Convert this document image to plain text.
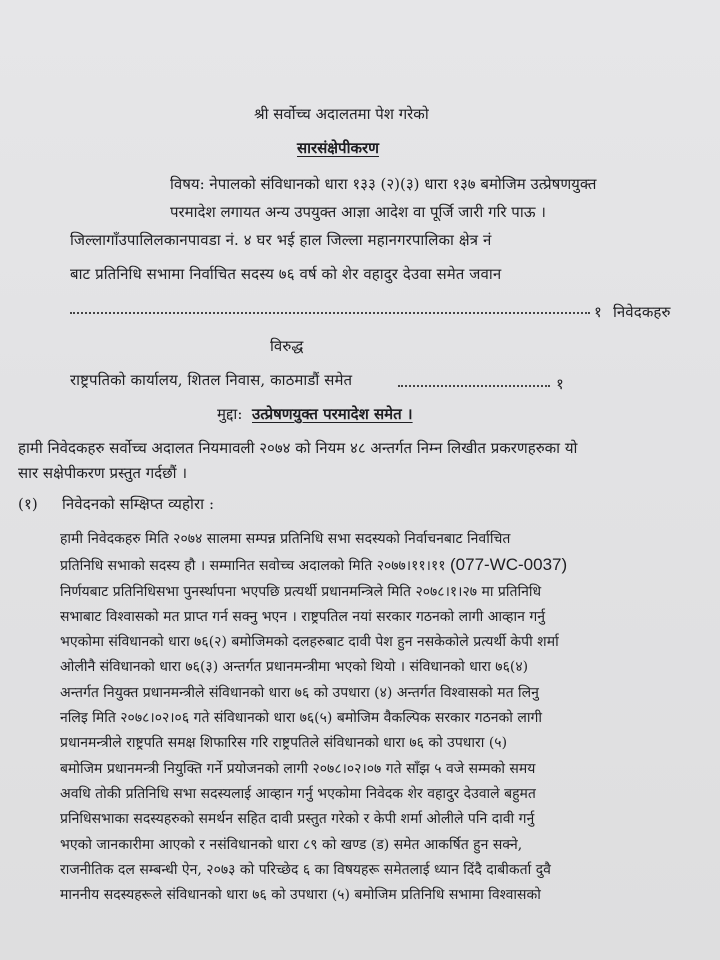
श्री सर्वोच्च अदालतमा पेश गरेको
सारसंक्षेपीकरण
विषय: नेपालको संविधानको धारा १३३ (२)(३) धारा १३७ बमोजिम उत्प्रेषणयुक्त
परमादेश लगायत अन्य उपयुक्त आज्ञा आदेश वा पूर्जि जारी गरि पाऊ ।
जिल्लागाँउपालिलकानपावडा नं. ४ घर भई हाल जिल्ला महानगरपालिका क्षेत्र नं
बाट प्रतिनिधि सभामा निर्वाचित सदस्य ७६ वर्ष को शेर वहादुर देउवा समेत जवान
१ निवेदकहरु
विरुद्ध
राष्ट्रपतिको कार्यालय, शितल निवास, काठमाडौं समेत	१
मुद्दा: उत्प्रेषणयुक्त परमादेश समेत ।
हामी निवेदकहरु सर्वोच्च अदालत नियमावली २०७४ को नियम ४८ अन्तर्गत निम्न लिखीत प्रकरणहरुका यो
सार सक्षेपीकरण प्रस्तुत गर्दछौं ।
(१) निवेदनको सम्क्षिप्त व्यहोरा :
हामी निवेदकहरु मिति २०७४ सालमा सम्पन्न प्रतिनिधि सभा सदस्यको निर्वाचनबाट निर्वाचित
प्रतिनिधि सभाको सदस्य हौ । सम्मानित सवोच्च अदालको मिति २०७७।११।११ (077-WC-0037)
निर्णयबाट प्रतिनिधिसभा पुनर्स्थापना भएपछि प्रत्यर्थी प्रधानमन्त्रिले मिति २०७८।१।२७ मा प्रतिनिधि
सभाबाट विश्वासको मत प्राप्त गर्न सक्नु भएन । राष्ट्रपतिल नयां सरकार गठनको लागी आव्हान गर्नु
भएकोमा संविधानको धारा ७६(२) बमोजिमको दलहरुबाट दावी पेश हुन नसकेकोले प्रत्यर्थी केपी शर्मा
ओलीनै संविधानको धारा ७६(३) अन्तर्गत प्रधानमन्त्रीमा भएको थियो । संविधानको धारा ७६(४)
अन्तर्गत नियुक्त प्रधानमन्त्रीले संविधानको धारा ७६ को उपधारा (४) अन्तर्गत विश्वासको मत लिनु
नलिइ मिति २०७८।०२।०६ गते संविधानको धारा ७६(५) बमोजिम वैकल्पिक सरकार गठनको लागी
प्रधानमन्त्रीले राष्ट्रपति समक्ष शिफारिस गरि राष्ट्रपतिले संविधानको धारा ७६ को उपधारा (५)
बमोजिम प्रधानमन्त्री नियुक्ति गर्ने प्रयोजनको लागी २०७८।०२।०७ गते साँझ ५ वजे सम्मको समय
अवधि तोकी प्रतिनिधि सभा सदस्यलाई आव्हान गर्नु भएकोमा निवेदक शेर वहादुर देउवाले बहुमत
प्रनिधिसभाका सदस्यहरुको समर्थन सहित दावी प्रस्तुत गरेको र केपी शर्मा ओलीले पनि दावी गर्नु
भएको जानकारीमा आएको र नसंविधानको धारा ८९ को खण्ड (ड) समेत आकर्षित हुन सक्ने,
राजनीतिक दल सम्बन्धी ऐन, २०७३ को परिच्छेद ६ का विषयहरू समेतलाई ध्यान दिंदै दाबीकर्ता दुवै
माननीय सदस्यहरूले संविधानको धारा ७६ को उपधारा (५) बमोजिम प्रतिनिधि सभामा विश्वासको
